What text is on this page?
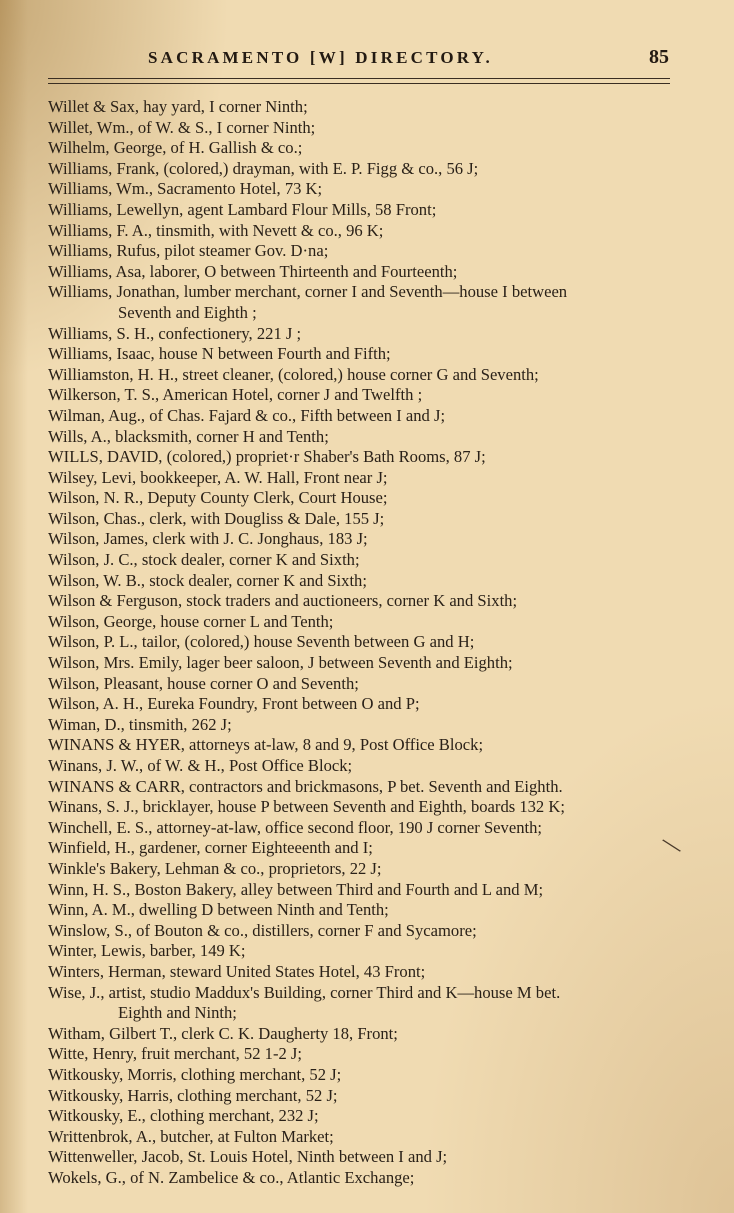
SACRAMENTO [W] DIRECTORY.	85
Willet & Sax, hay yard, I corner Ninth;
Willet, Wm., of W. & S., I corner Ninth;
Wilhelm, George, of H. Gallish & co.;
Williams, Frank, (colored,) drayman, with E. P. Figg & co., 56 J;
Williams, Wm., Sacramento Hotel, 73 K;
Williams, Lewellyn, agent Lambard Flour Mills, 58 Front;
Williams, F. A., tinsmith, with Nevett & co., 96 K;
Williams, Rufus, pilot steamer Gov. D·na;
Williams, Asa, laborer, O between Thirteenth and Fourteenth;
Williams, Jonathan, lumber merchant, corner I and Seventh—house I between
Seventh and Eighth ;
Williams, S. H., confectionery, 221 J ;
Williams, Isaac, house N between Fourth and Fifth;
Williamston, H. H., street cleaner, (colored,) house corner G and Seventh;
Wilkerson, T. S., American Hotel, corner J and Twelfth ;
Wilman, Aug., of Chas. Fajard & co., Fifth between I and J;
Wills, A., blacksmith, corner H and Tenth;
WILLS, DAVID, (colored,) propriet·r Shaber's Bath Rooms, 87 J;
Wilsey, Levi, bookkeeper, A. W. Hall, Front near J;
Wilson, N. R., Deputy County Clerk, Court House;
Wilson, Chas., clerk, with Dougliss & Dale, 155 J;
Wilson, James, clerk with J. C. Jonghaus, 183 J;
Wilson, J. C., stock dealer, corner K and Sixth;
Wilson, W. B., stock dealer, corner K and Sixth;
Wilson & Ferguson, stock traders and auctioneers, corner K and Sixth;
Wilson, George, house corner L and Tenth;
Wilson, P. L., tailor, (colored,) house Seventh between G and H;
Wilson, Mrs. Emily, lager beer saloon, J between Seventh and Eighth;
Wilson, Pleasant, house corner O and Seventh;
Wilson, A. H., Eureka Foundry, Front between O and P;
Wiman, D., tinsmith, 262 J;
WINANS & HYER, attorneys at-law, 8 and 9, Post Office Block;
Winans, J. W., of W. & H., Post Office Block;
WINANS & CARR, contractors and brickmasons, P bet. Seventh and Eighth.
Winans, S. J., bricklayer, house P between Seventh and Eighth, boards 132 K;
Winchell, E. S., attorney-at-law, office second floor, 190 J corner Seventh;
Winfield, H., gardener, corner Eighteeenth and I;
Winkle's Bakery, Lehman & co., proprietors, 22 J;
Winn, H. S., Boston Bakery, alley between Third and Fourth and L and M;
Winn, A. M., dwelling D between Ninth and Tenth;
Winslow, S., of Bouton & co., distillers, corner F and Sycamore;
Winter, Lewis, barber, 149 K;
Winters, Herman, steward United States Hotel, 43 Front;
Wise, J., artist, studio Maddux's Building, corner Third and K—house M bet.
Eighth and Ninth;
Witham, Gilbert T., clerk C. K. Daugherty 18, Front;
Witte, Henry, fruit merchant, 52 1-2 J;
Witkousky, Morris, clothing merchant, 52 J;
Witkousky, Harris, clothing merchant, 52 J;
Witkousky, E., clothing merchant, 232 J;
Writtenbrok, A., butcher, at Fulton Market;
Wittenweller, Jacob, St. Louis Hotel, Ninth between I and J;
Wokels, G., of N. Zambelice & co., Atlantic Exchange;
╲
